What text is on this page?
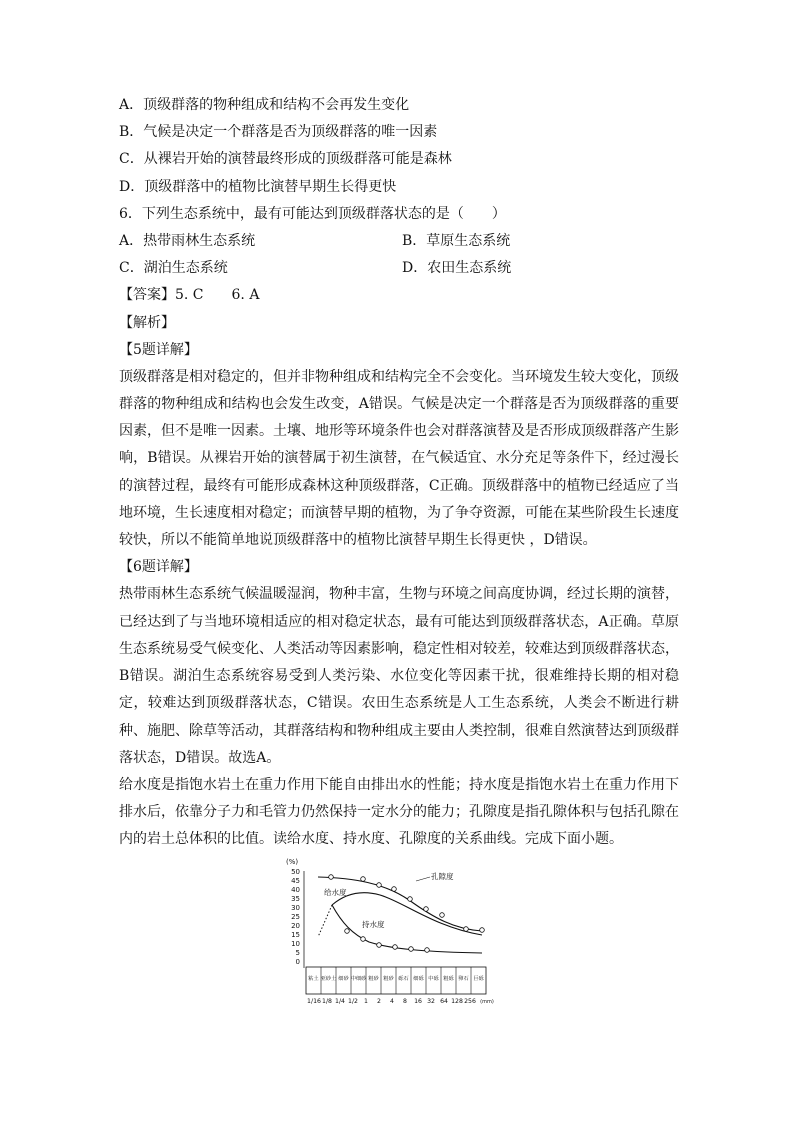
A．顶级群落的物种组成和结构不会再发生变化
B．气候是决定一个群落是否为顶级群落的唯一因素
C．从裸岩开始的演替最终形成的顶级群落可能是森林
D．顶级群落中的植物比演替早期生长得更快
6．下列生态系统中，最有可能达到顶级群落状态的是（　　）
A．热带雨林生态系统	B．草原生态系统
C．湖泊生态系统	D．农田生态系统
【答案】5. C　　6. A
【解析】
【5题详解】
顶级群落是相对稳定的，但并非物种组成和结构完全不会变化。当环境发生较大变化，顶级群落的物种组成和结构也会发生改变，A错误。气候是决定一个群落是否为顶级群落的重要因素，但不是唯一因素。土壤、地形等环境条件也会对群落演替及是否形成顶级群落产生影响，B错误。从裸岩开始的演替属于初生演替，在气候适宜、水分充足等条件下，经过漫长的演替过程，最终有可能形成森林这种顶级群落，C正确。顶级群落中的植物已经适应了当地环境，生长速度相对稳定；而演替早期的植物，为了争夺资源，可能在某些阶段生长速度较快，所以不能简单地说顶级群落中的植物比演替早期生长得更快 ，D错误。
【6题详解】
热带雨林生态系统气候温暖湿润，物种丰富，生物与环境之间高度协调，经过长期的演替，已经达到了与当地环境相适应的相对稳定状态，最有可能达到顶级群落状态，A正确。草原生态系统易受气候变化、人类活动等因素影响，稳定性相对较差，较难达到顶级群落状态，B错误。湖泊生态系统容易受到人类污染、水位变化等因素干扰，很难维持长期的相对稳定，较难达到顶级群落状态，C错误。农田生态系统是人工生态系统，人类会不断进行耕种、施肥、除草等活动，其群落结构和物种组成主要由人类控制，很难自然演替达到顶级群落状态，D错误。故选A。
给水度是指饱水岩土在重力作用下能自由排出水的性能；持水度是指饱水岩土在重力作用下排水后，依靠分子力和毛管力仍然保持一定水分的能力；孔隙度是指孔隙体积与包括孔隙在内的岩土总体积的比值。读给水度、持水度、孔隙度的关系曲线。完成下面小题。
(%)
50
45
40
35
30
25
20
15
10
5
0
孔隙度
给水度
持水度
粘土 亚砂土 细砂 中细砂 粗砂 粗砂 砾石 细砾 中砾 粗砾 卵石 巨砾
1/16 1/8 1/4 1/2 1 2 4 8 16 32 64 128 256 (mm)
